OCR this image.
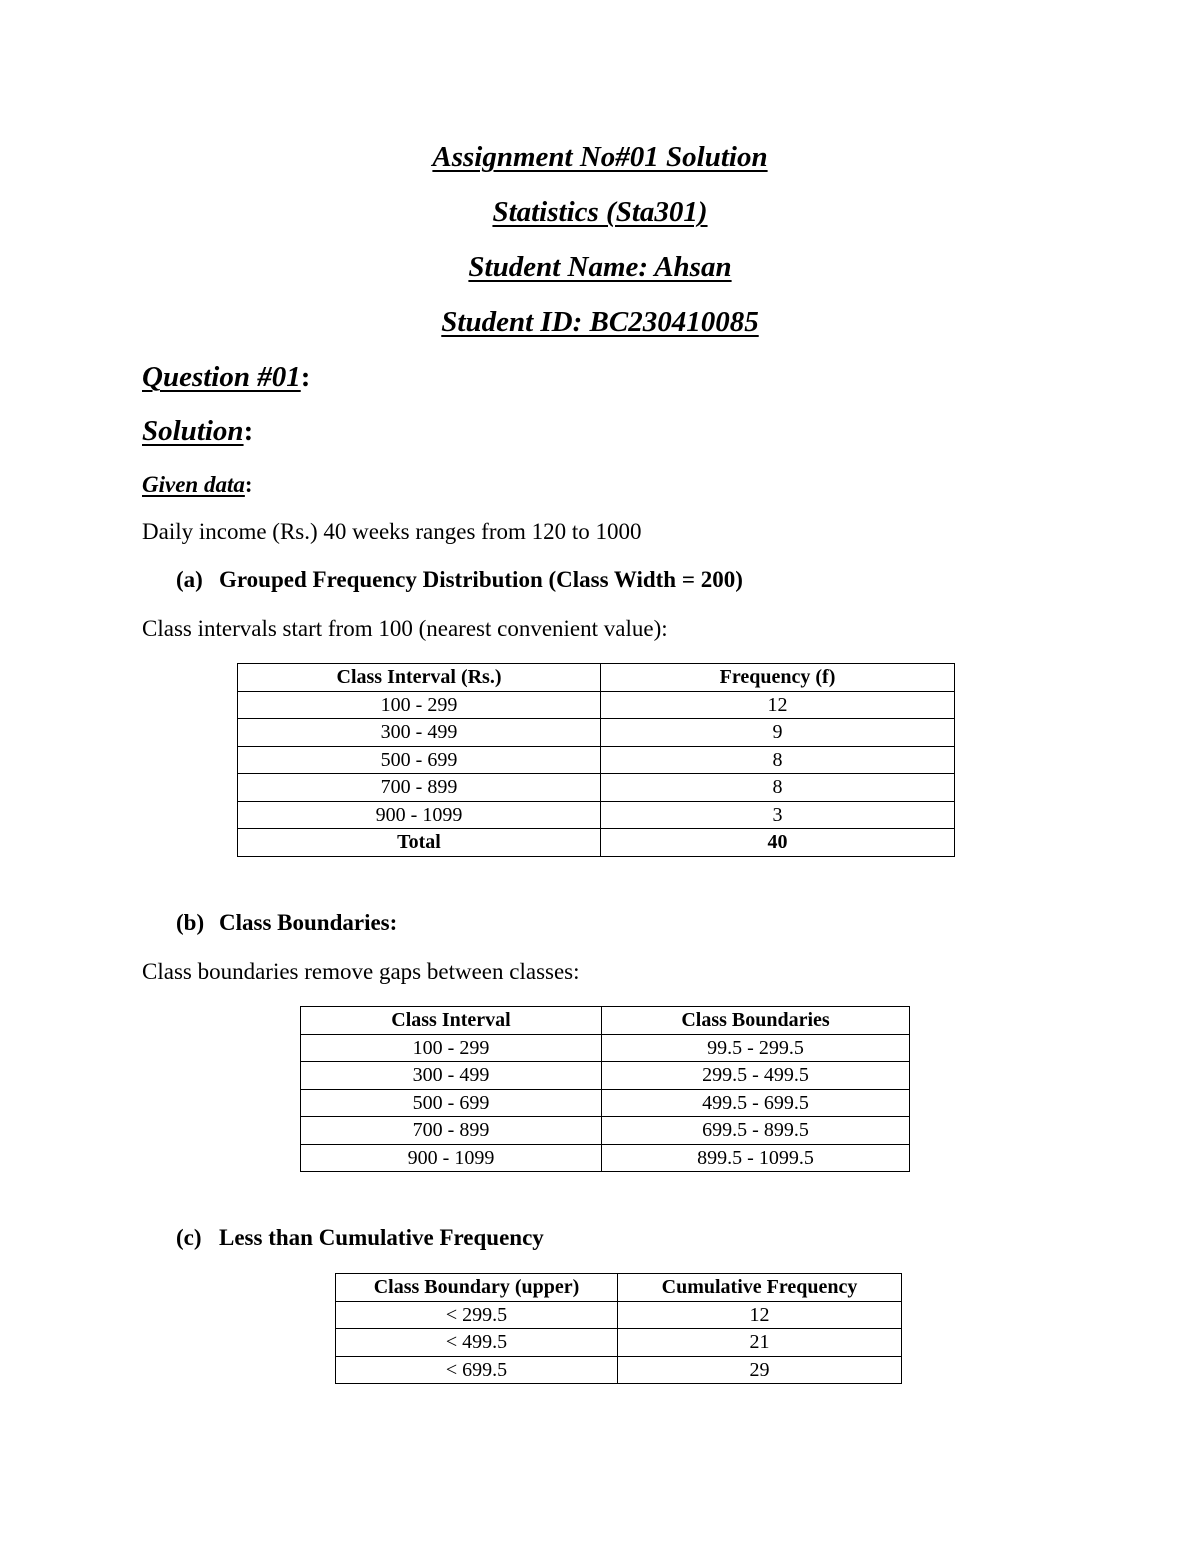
Assignment No#01 Solution
Statistics (Sta301)
Student Name: Ahsan
Student ID: BC230410085
Question #01:
Solution:
Given data:
Daily income (Rs.) 40 weeks ranges from 120 to 1000
(a) Grouped Frequency Distribution (Class Width = 200)
Class intervals start from 100 (nearest convenient value):
Class Interval (Rs.)	Frequency (f)
100 - 299	12
300 - 499	9
500 - 699	8
700 - 899	8
900 - 1099	3
Total	40
(b) Class Boundaries:
Class boundaries remove gaps between classes:
Class Interval	Class Boundaries
100 - 299	99.5 - 299.5
300 - 499	299.5 - 499.5
500 - 699	499.5 - 699.5
700 - 899	699.5 - 899.5
900 - 1099	899.5 - 1099.5
(c) Less than Cumulative Frequency
Class Boundary (upper)	Cumulative Frequency
< 299.5	12
< 499.5	21
< 699.5	29
